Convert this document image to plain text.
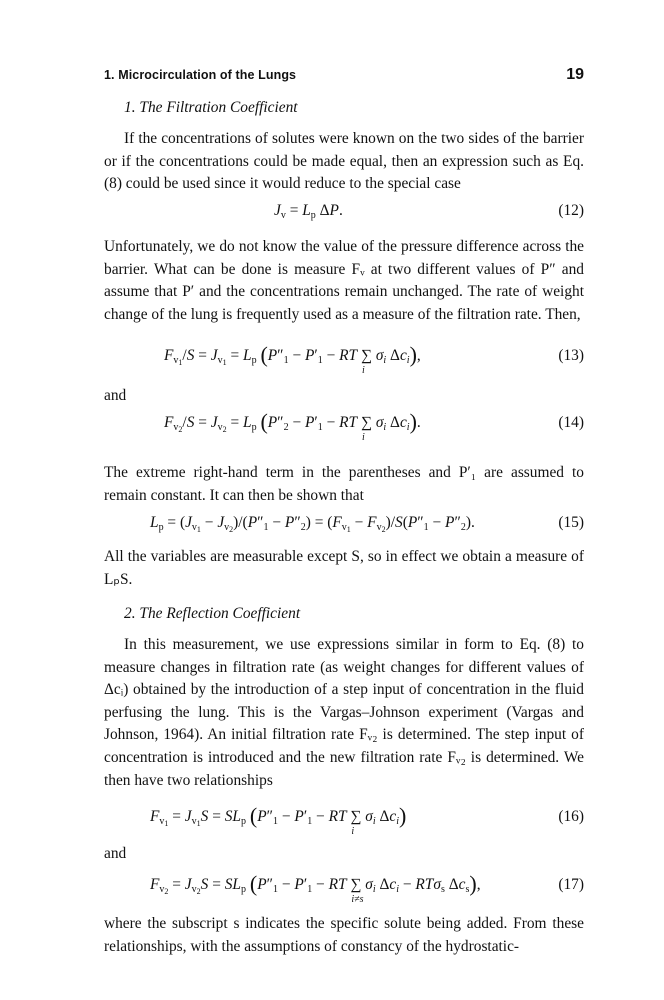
1. Microcirculation of the Lungs	19
1. The Filtration Coefficient

If the concentrations of solutes were known on the two sides of the barrier or if the concentrations could be made equal, then an expression such as Eq. (8) could be used since it would reduce to the special case

$J_v = L_p$ ΔP.	(12)

Unfortunately, we do not know the value of the pressure difference across the barrier. What can be done is measure Fᵥ at two different values of P″ and assume that P′ and the concentrations remain unchanged. The rate of weight change of the lung is frequently used as a measure of the filtration rate. Then,

$F_{v_1}/S = J_{v_1} = L_p$ ($P''_1 - P'_1$ − RT ∑
i
$\sigma_i$ $\Delta c_i$),	(13)
and
$F_{v_2}/S = J_{v_2} = L_p$ ($P''_2 - P'_1$ − RT ∑
i
$\sigma_i$ $\Delta c_i$).	(14)

The extreme right-hand term in the parentheses and P′₁ are assumed to remain constant. It can then be shown that

$L_p = (J_{v_1} - J_{v_2})/(P''_1 - P''_2) = (F_{v_1} - F_{v_2})/S(P''_1 - P''_2)$.	(15)

All the variables are measurable except S, so in effect we obtain a measure of LₚS.

2. The Reflection Coefficient

In this measurement, we use expressions similar in form to Eq. (8) to measure changes in filtration rate (as weight changes for different values of Δcᵢ) obtained by the introduction of a step input of concentration in the fluid perfusing the lung. This is the Vargas–Johnson experiment (Vargas and Johnson, 1964). An initial filtration rate Fᵥ₂ is determined. The step input of concentration is introduced and the new filtration rate Fᵥ₂ is determined. We then have two relationships

$F_{v_1} = J_{v_1}S = SL_p$ ($P''_1 - P'_1$ − RT ∑
i
$\sigma_i$ $\Delta c_i$)	(16)
and
$F_{v_2} = J_{v_2}S = SL_p$ ($P''_1 - P'_1$ − RT ∑
i≠s
$\sigma_i$ $\Delta c_i - RT\sigma_s$ $\Delta c_s$),	(17)

where the subscript s indicates the specific solute being added. From these relationships, with the assumptions of constancy of the hydrostatic-
